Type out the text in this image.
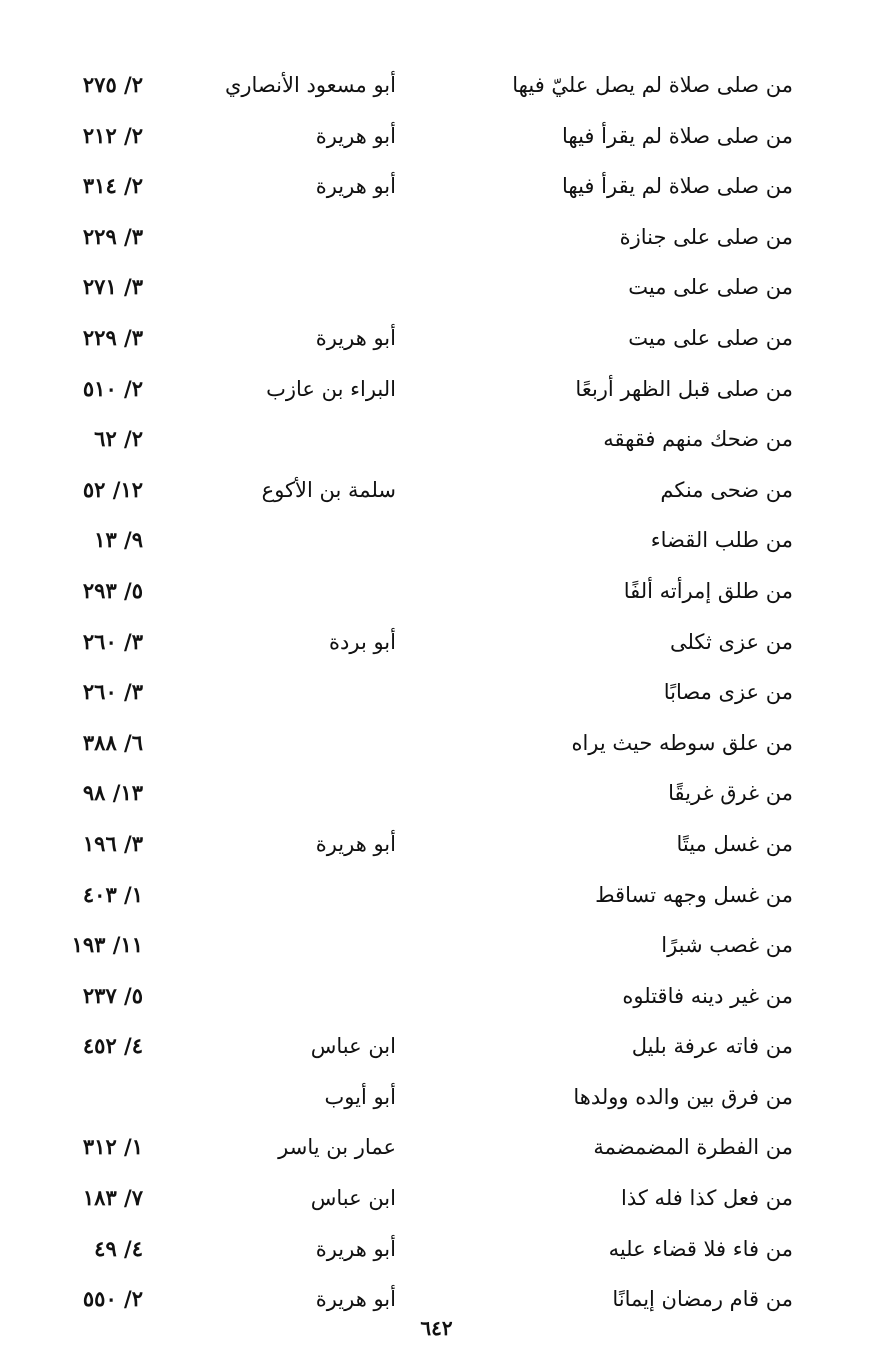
من صلى صلاة لم يصل عليّ فيها
أبو مسعود الأنصاري
٢/ ٢٧٥
من صلى صلاة لم يقرأ فيها
أبو هريرة
٢/ ٢١٢
من صلى صلاة لم يقرأ فيها
أبو هريرة
٢/ ٣١٤
من صلى على جنازة
٣/ ٢٢٩
من صلى على ميت
٣/ ٢٧١
من صلى على ميت
أبو هريرة
٣/ ٢٢٩
من صلى قبل الظهر أربعًا
البراء بن عازب
٢/ ٥١٠
من ضحك منهم فقهقه
٢/ ٦٢
من ضحى منكم
سلمة بن الأكوع
١٢/ ٥٢
من طلب القضاء
٩/ ١٣
من طلق إمرأته ألفًا
٥/ ٢٩٣
من عزى ثكلى
أبو بردة
٣/ ٢٦٠
من عزى مصابًا
٣/ ٢٦٠
من علق سوطه حيث يراه
٦/ ٣٨٨
من غرق غريقًا
١٣/ ٩٨
من غسل ميتًا
أبو هريرة
٣/ ١٩٦
من غسل وجهه تساقط
١/ ٤٠٣
من غصب شبرًا
١١/ ١٩٣
من غير دينه فاقتلوه
٥/ ٢٣٧
من فاته عرفة بليل
ابن عباس
٤/ ٤٥٢
من فرق بين والده وولدها
أبو أيوب
من الفطرة المضمضمة
عمار بن ياسر
١/ ٣١٢
من فعل كذا فله كذا
ابن عباس
٧/ ١٨٣
من فاء فلا قضاء عليه
أبو هريرة
٤/ ٤٩
من قام رمضان إيمانًا
أبو هريرة
٢/ ٥٥٠
٦٤٢
